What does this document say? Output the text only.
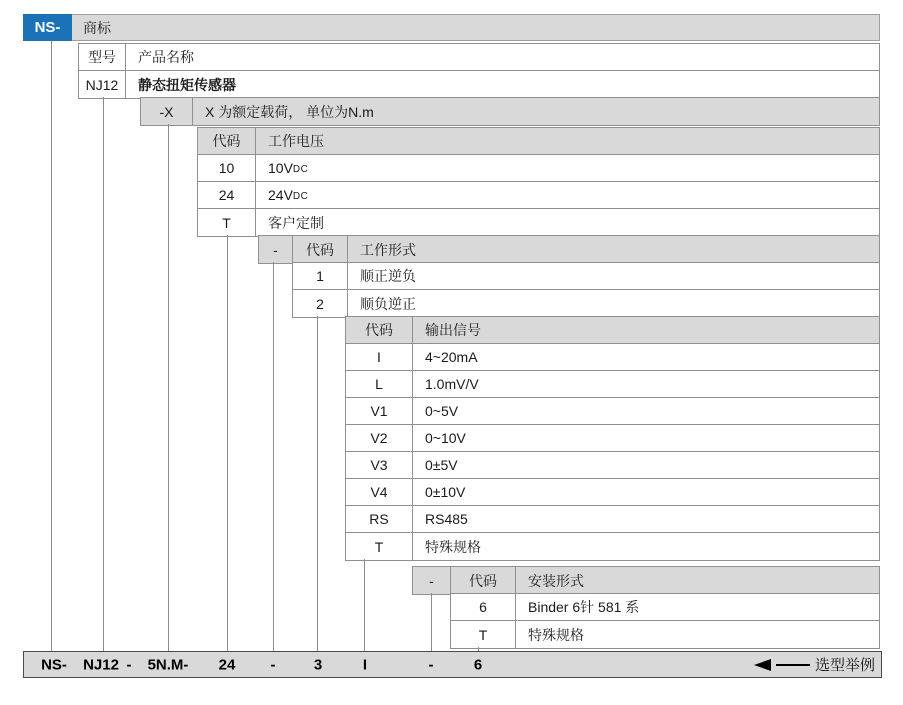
NS- 商标
型号	产品名称
NJ12	静态扭矩传感器
-X	X 为额定载荷， 单位为N.m
代码	工作电压
10	10V DC
24	24V DC
T	客户定制
-	代码	工作形式
1	顺正逆负
2	顺负逆正
代码	输出信号
I	4~20mA
L	1.0mV/V
V1	0~5V
V2	0~10V
V3	0±5V
V4	0±10V
RS	RS485
T	特殊规格
-	代码	安装形式
6	Binder 6针 581 系
T	特殊规格
NS- NJ12 - 5N.M- 24 -	3	I	-	6	选型举例
